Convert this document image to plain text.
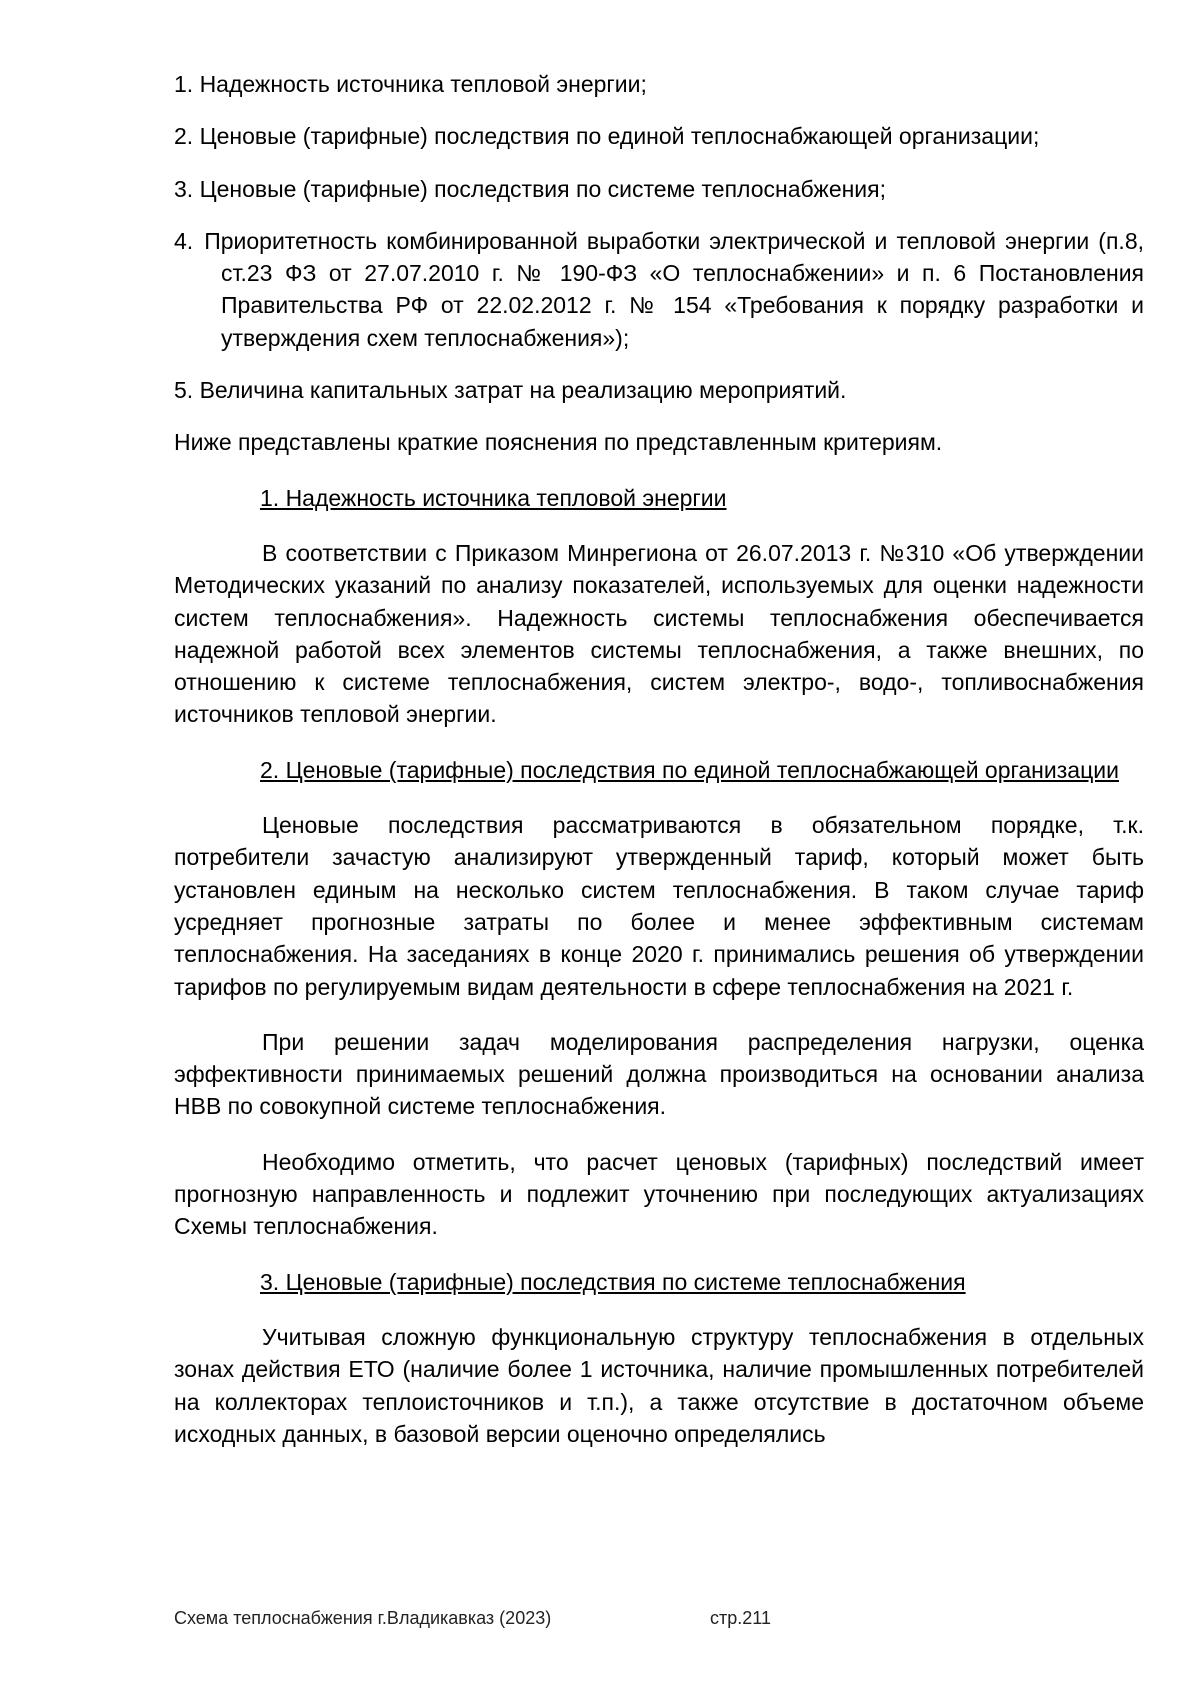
1. Надежность источника тепловой энергии;
2. Ценовые (тарифные) последствия по единой теплоснабжающей организации;
3. Ценовые (тарифные) последствия по системе теплоснабжения;
4. Приоритетность комбинированной выработки электрической и тепловой энергии (п.8, ст.23 ФЗ от 27.07.2010 г. № 190-ФЗ «О теплоснабжении» и п. 6 Постановления Правительства РФ от 22.02.2012 г. № 154 «Требования к порядку разработки и утверждения схем теплоснабжения»);
5. Величина капитальных затрат на реализацию мероприятий.
Ниже представлены краткие пояснения по представленным критериям.
1. Надежность источника тепловой энергии
В соответствии с Приказом Минрегиона от 26.07.2013 г. №310 «Об утверждении Методических указаний по анализу показателей, используемых для оценки надежности систем теплоснабжения». Надежность системы теплоснабжения обеспечивается надежной работой всех элементов системы теплоснабжения, а также внешних, по отношению к системе теплоснабжения, систем электро-, водо-, топливоснабжения источников тепловой энергии.
2. Ценовые (тарифные) последствия по единой теплоснабжающей организации
Ценовые последствия рассматриваются в обязательном порядке, т.к. потребители зачастую анализируют утвержденный тариф, который может быть установлен единым на несколько систем теплоснабжения. В таком случае тариф усредняет прогнозные затраты по более и менее эффективным системам теплоснабжения. На заседаниях в конце 2020 г. принимались решения об утверждении тарифов по регулируемым видам деятельности в сфере теплоснабжения на 2021 г.
При решении задач моделирования распределения нагрузки, оценка эффективности принимаемых решений должна производиться на основании анализа НВВ по совокупной системе теплоснабжения.
Необходимо отметить, что расчет ценовых (тарифных) последствий имеет прогнозную направленность и подлежит уточнению при последующих актуализациях Схемы теплоснабжения.
3. Ценовые (тарифные) последствия по системе теплоснабжения
Учитывая сложную функциональную структуру теплоснабжения в отдельных зонах действия ЕТО (наличие более 1 источника, наличие промышленных потребителей на коллекторах теплоисточников и т.п.), а также отсутствие в достаточном объеме исходных данных, в базовой версии оценочно определялись
Схема теплоснабжения г.Владикавказ (2023)	стр.211
